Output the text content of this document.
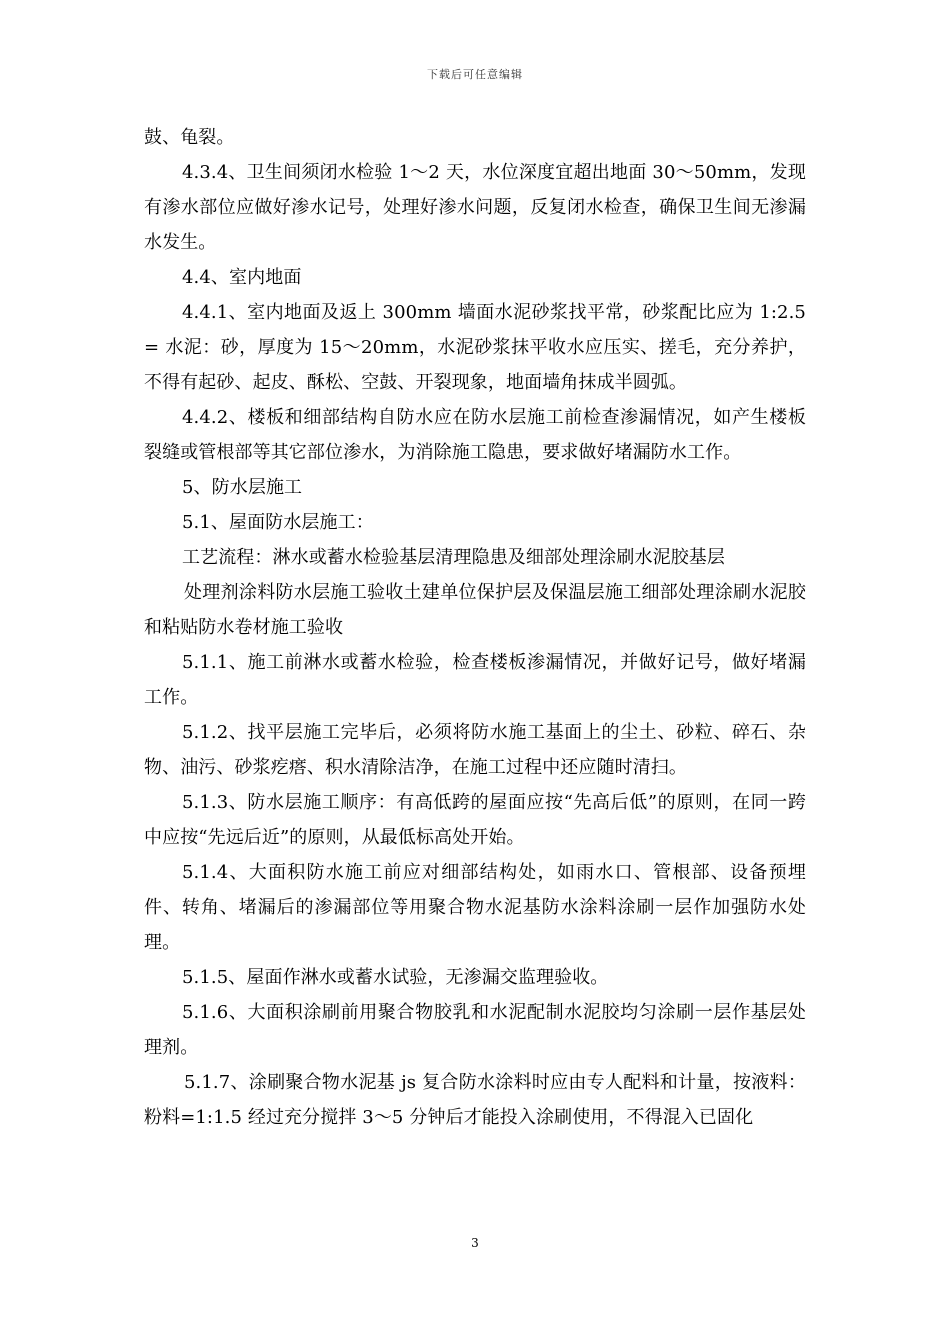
下载后可任意编辑

鼓、龟裂。

4.3.4、卫生间须闭水检验 1～2 天，水位深度宜超出地面 30～50mm，发现有渗水部位应做好渗水记号，处理好渗水问题，反复闭水检查，确保卫生间无渗漏水发生。

4.4、室内地面

4.4.1、室内地面及返上 300mm 墙面水泥砂浆找平常，砂浆配比应为 1:2.5= 水泥：砂，厚度为 15～20mm，水泥砂浆抹平收水应压实、搓毛，充分养护，不得有起砂、起皮、酥松、空鼓、开裂现象，地面墙角抹成半圆弧。

4.4.2、楼板和细部结构自防水应在防水层施工前检查渗漏情况，如产生楼板裂缝或管根部等其它部位渗水，为消除施工隐患，要求做好堵漏防水工作。

5、防水层施工

5.1、屋面防水层施工：

工艺流程：淋水或蓄水检验基层清理隐患及细部处理涂刷水泥胶基层

处理剂涂料防水层施工验收土建单位保护层及保温层施工细部处理涂刷水泥胶和粘贴防水卷材施工验收

5.1.1、施工前淋水或蓄水检验，检查楼板渗漏情况，并做好记号，做好堵漏工作。

5.1.2、找平层施工完毕后，必须将防水施工基面上的尘土、砂粒、碎石、杂物、油污、砂浆疙瘩、积水清除洁净，在施工过程中还应随时清扫。

5.1.3、防水层施工顺序：有高低跨的屋面应按“先高后低”的原则，在同一跨中应按“先远后近”的原则，从最低标高处开始。

5.1.4、大面积防水施工前应对细部结构处，如雨水口、管根部、设备预埋件、转角、堵漏后的渗漏部位等用聚合物水泥基防水涂料涂刷一层作加强防水处理。

5.1.5、屋面作淋水或蓄水试验，无渗漏交监理验收。

5.1.6、大面积涂刷前用聚合物胶乳和水泥配制水泥胶均匀涂刷一层作基层处理剂。

5.1.7、涂刷聚合物水泥基 js 复合防水涂料时应由专人配料和计量，按液料：粉料=1:1.5 经过充分搅拌 3～5 分钟后才能投入涂刷使用，不得混入已固化

3
